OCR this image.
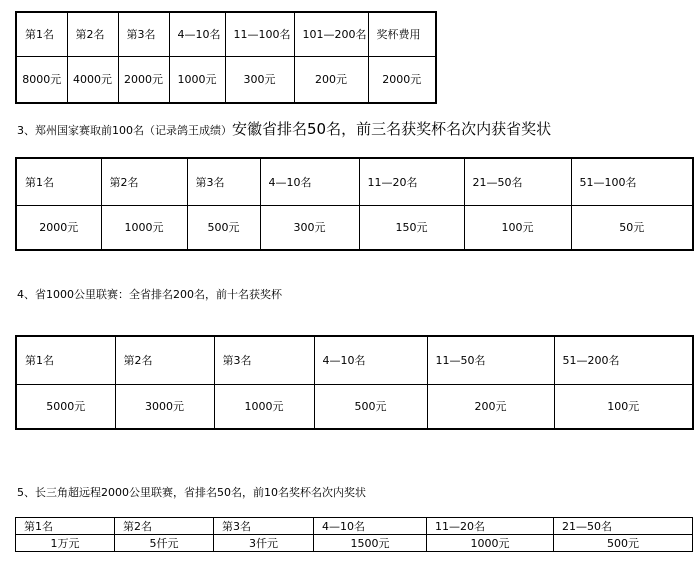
第1名	第2名	第3名	4—10名	11—100名	101—200名	奖杯费用
8000元	4000元	2000元	1000元	300元	200元	2000元
3、郑州国家赛取前100名（记录鸽王成绩）安徽省排名50名，前三名获奖杯名次内获省奖状
第1名	第2名	第3名	4—10名	11—20名	21—50名	51—100名
2000元	1000元	500元	300元	150元	100元	50元
4、省1000公里联赛：全省排名200名，前十名获奖杯
第1名	第2名	第3名	4—10名	11—50名	51—200名
5000元	3000元	1000元	500元	200元	100元
5、长三角超远程2000公里联赛，省排名50名，前10名奖杯名次内奖状
第1名	第2名	第3名	4—10名	11—20名	21—50名
1万元	5仟元	3仟元	1500元	1000元	500元
